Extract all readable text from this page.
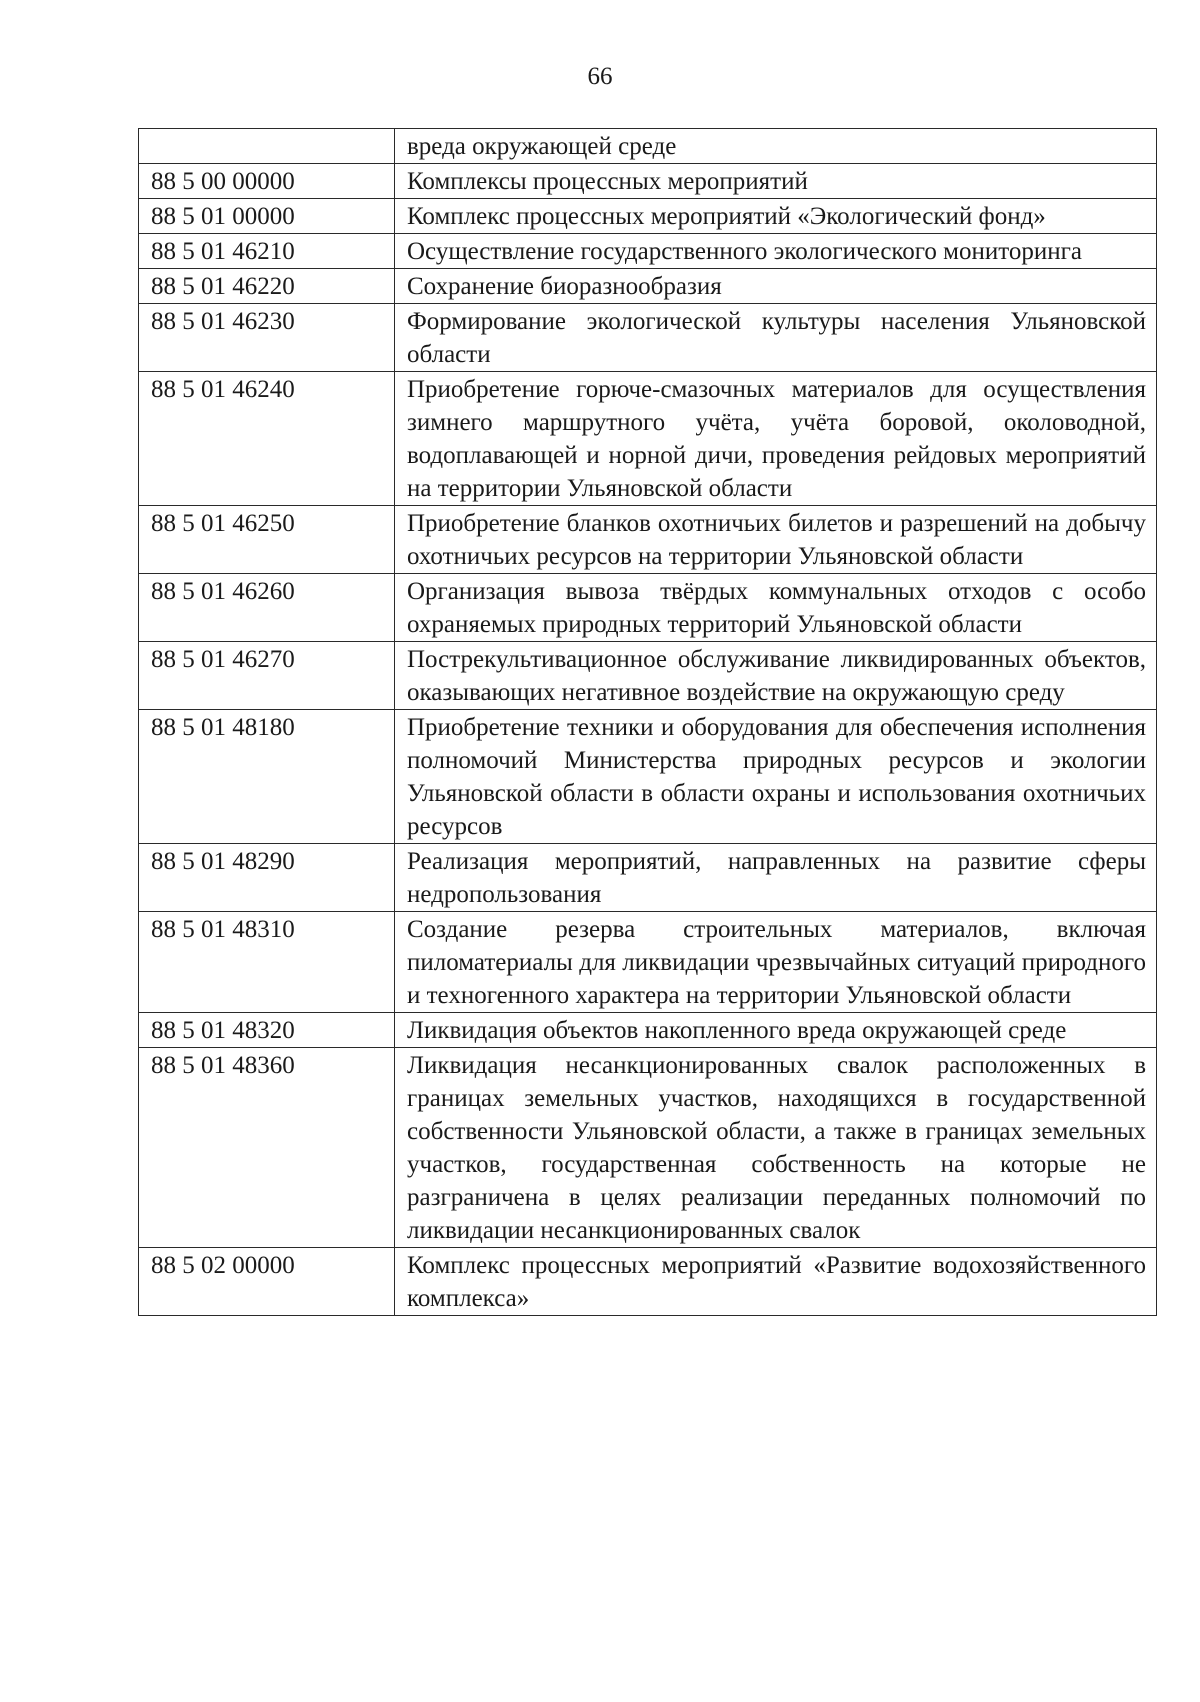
66
	вреда окружающей среде
88 5 00 00000	Комплексы процессных мероприятий
88 5 01 00000	Комплекс процессных мероприятий «Экологический фонд»
88 5 01 46210	Осуществление государственного экологического мониторинга
88 5 01 46220	Сохранение биоразнообразия
88 5 01 46230	Формирование экологической культуры населения Ульяновской области
88 5 01 46240	Приобретение горюче-смазочных материалов для осуществления зимнего маршрутного учёта, учёта боровой, околоводной, водоплавающей и норной дичи, проведения рейдовых мероприятий на территории Ульяновской области
88 5 01 46250	Приобретение бланков охотничьих билетов и разрешений на добычу охотничьих ресурсов на территории Ульяновской области
88 5 01 46260	Организация вывоза твёрдых коммунальных отходов с особо охраняемых природных территорий Ульяновской области
88 5 01 46270	Пострекультивационное обслуживание ликвидированных объектов, оказывающих негативное воздействие на окружающую среду
88 5 01 48180	Приобретение техники и оборудования для обеспечения исполнения полномочий Министерства природных ресурсов и экологии Ульяновской области в области охраны и использования охотничьих ресурсов
88 5 01 48290	Реализация мероприятий, направленных на развитие сферы недропользования
88 5 01 48310	Создание резерва строительных материалов, включая пиломатериалы для ликвидации чрезвычайных ситуаций природного и техногенного характера на территории Ульяновской области
88 5 01 48320	Ликвидация объектов накопленного вреда окружающей среде
88 5 01 48360	Ликвидация несанкционированных свалок расположенных в границах земельных участков, находящихся в государственной собственности Ульяновской области, а также в границах земельных участков, государственная собственность на которые не разграничена в целях реализации переданных полномочий по ликвидации несанкционированных свалок
88 5 02 00000	Комплекс процессных мероприятий «Развитие водохозяйственного комплекса»
